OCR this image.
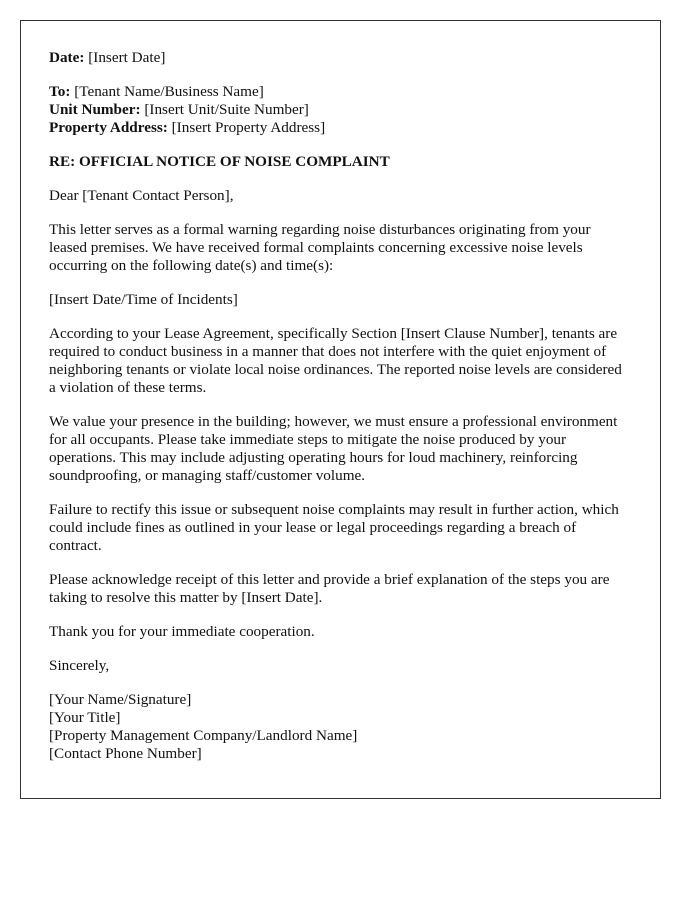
Date: [Insert Date]
To: [Tenant Name/Business Name]
Unit Number: [Insert Unit/Suite Number]
Property Address: [Insert Property Address]

RE: OFFICIAL NOTICE OF NOISE COMPLAINT

Dear [Tenant Contact Person],

This letter serves as a formal warning regarding noise disturbances originating from your leased premises. We have received formal complaints concerning excessive noise levels occurring on the following date(s) and time(s):

[Insert Date/Time of Incidents]

According to your Lease Agreement, specifically Section [Insert Clause Number], tenants are required to conduct business in a manner that does not interfere with the quiet enjoyment of neighboring tenants or violate local noise ordinances. The reported noise levels are considered a violation of these terms.

We value your presence in the building; however, we must ensure a professional environment for all occupants. Please take immediate steps to mitigate the noise produced by your operations. This may include adjusting operating hours for loud machinery, reinforcing soundproofing, or managing staff/customer volume.

Failure to rectify this issue or subsequent noise complaints may result in further action, which could include fines as outlined in your lease or legal proceedings regarding a breach of contract.

Please acknowledge receipt of this letter and provide a brief explanation of the steps you are taking to resolve this matter by [Insert Date].

Thank you for your immediate cooperation.

Sincerely,

[Your Name/Signature]
[Your Title]
[Property Management Company/Landlord Name]
[Contact Phone Number]
